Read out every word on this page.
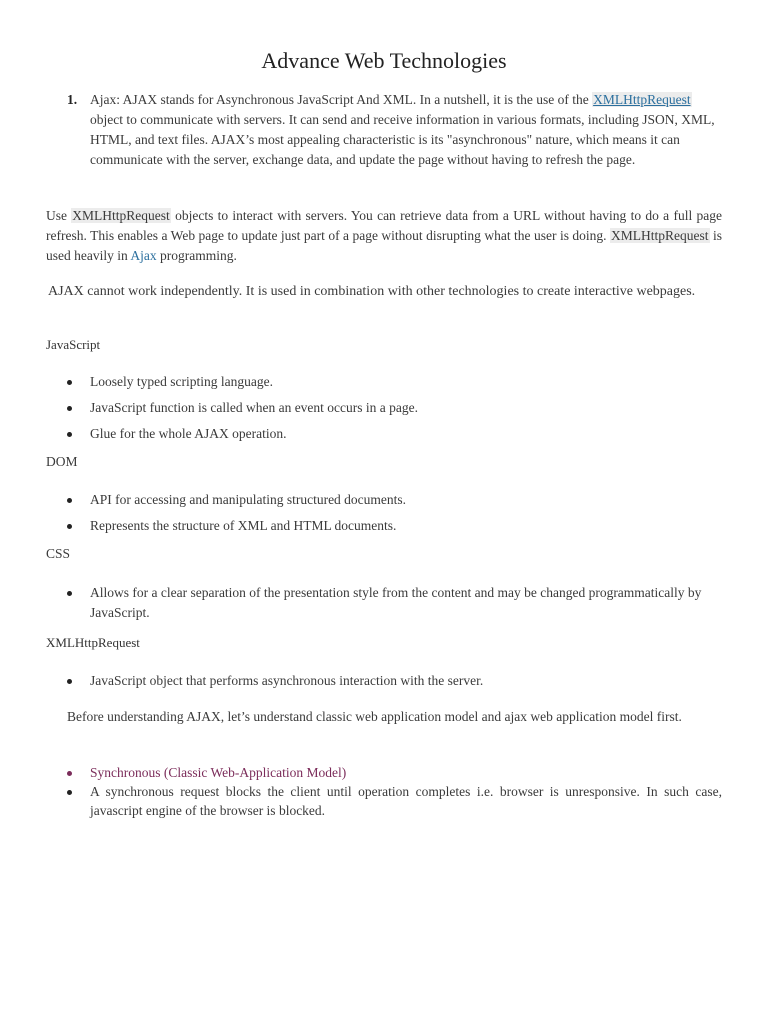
Advance Web Technologies
1. Ajax: AJAX stands for Asynchronous JavaScript And XML. In a nutshell, it is the use of the XMLHttpRequest object to communicate with servers. It can send and receive information in various formats, including JSON, XML, HTML, and text files. AJAX’s most appealing characteristic is its "asynchronous" nature, which means it can communicate with the server, exchange data, and update the page without having to refresh the page.
Use XMLHttpRequest objects to interact with servers. You can retrieve data from a URL without having to do a full page refresh. This enables a Web page to update just part of a page without disrupting what the user is doing. XMLHttpRequest is used heavily in Ajax programming.
AJAX cannot work independently. It is used in combination with other technologies to create interactive webpages.
JavaScript
Loosely typed scripting language.
JavaScript function is called when an event occurs in a page.
Glue for the whole AJAX operation.
DOM
API for accessing and manipulating structured documents.
Represents the structure of XML and HTML documents.
CSS
Allows for a clear separation of the presentation style from the content and may be changed programmatically by JavaScript.
XMLHttpRequest
JavaScript object that performs asynchronous interaction with the server.
Before understanding AJAX, let’s understand classic web application model and ajax web application model first.
Synchronous (Classic Web-Application Model)
A synchronous request blocks the client until operation completes i.e. browser is unresponsive. In such case, javascript engine of the browser is blocked.
